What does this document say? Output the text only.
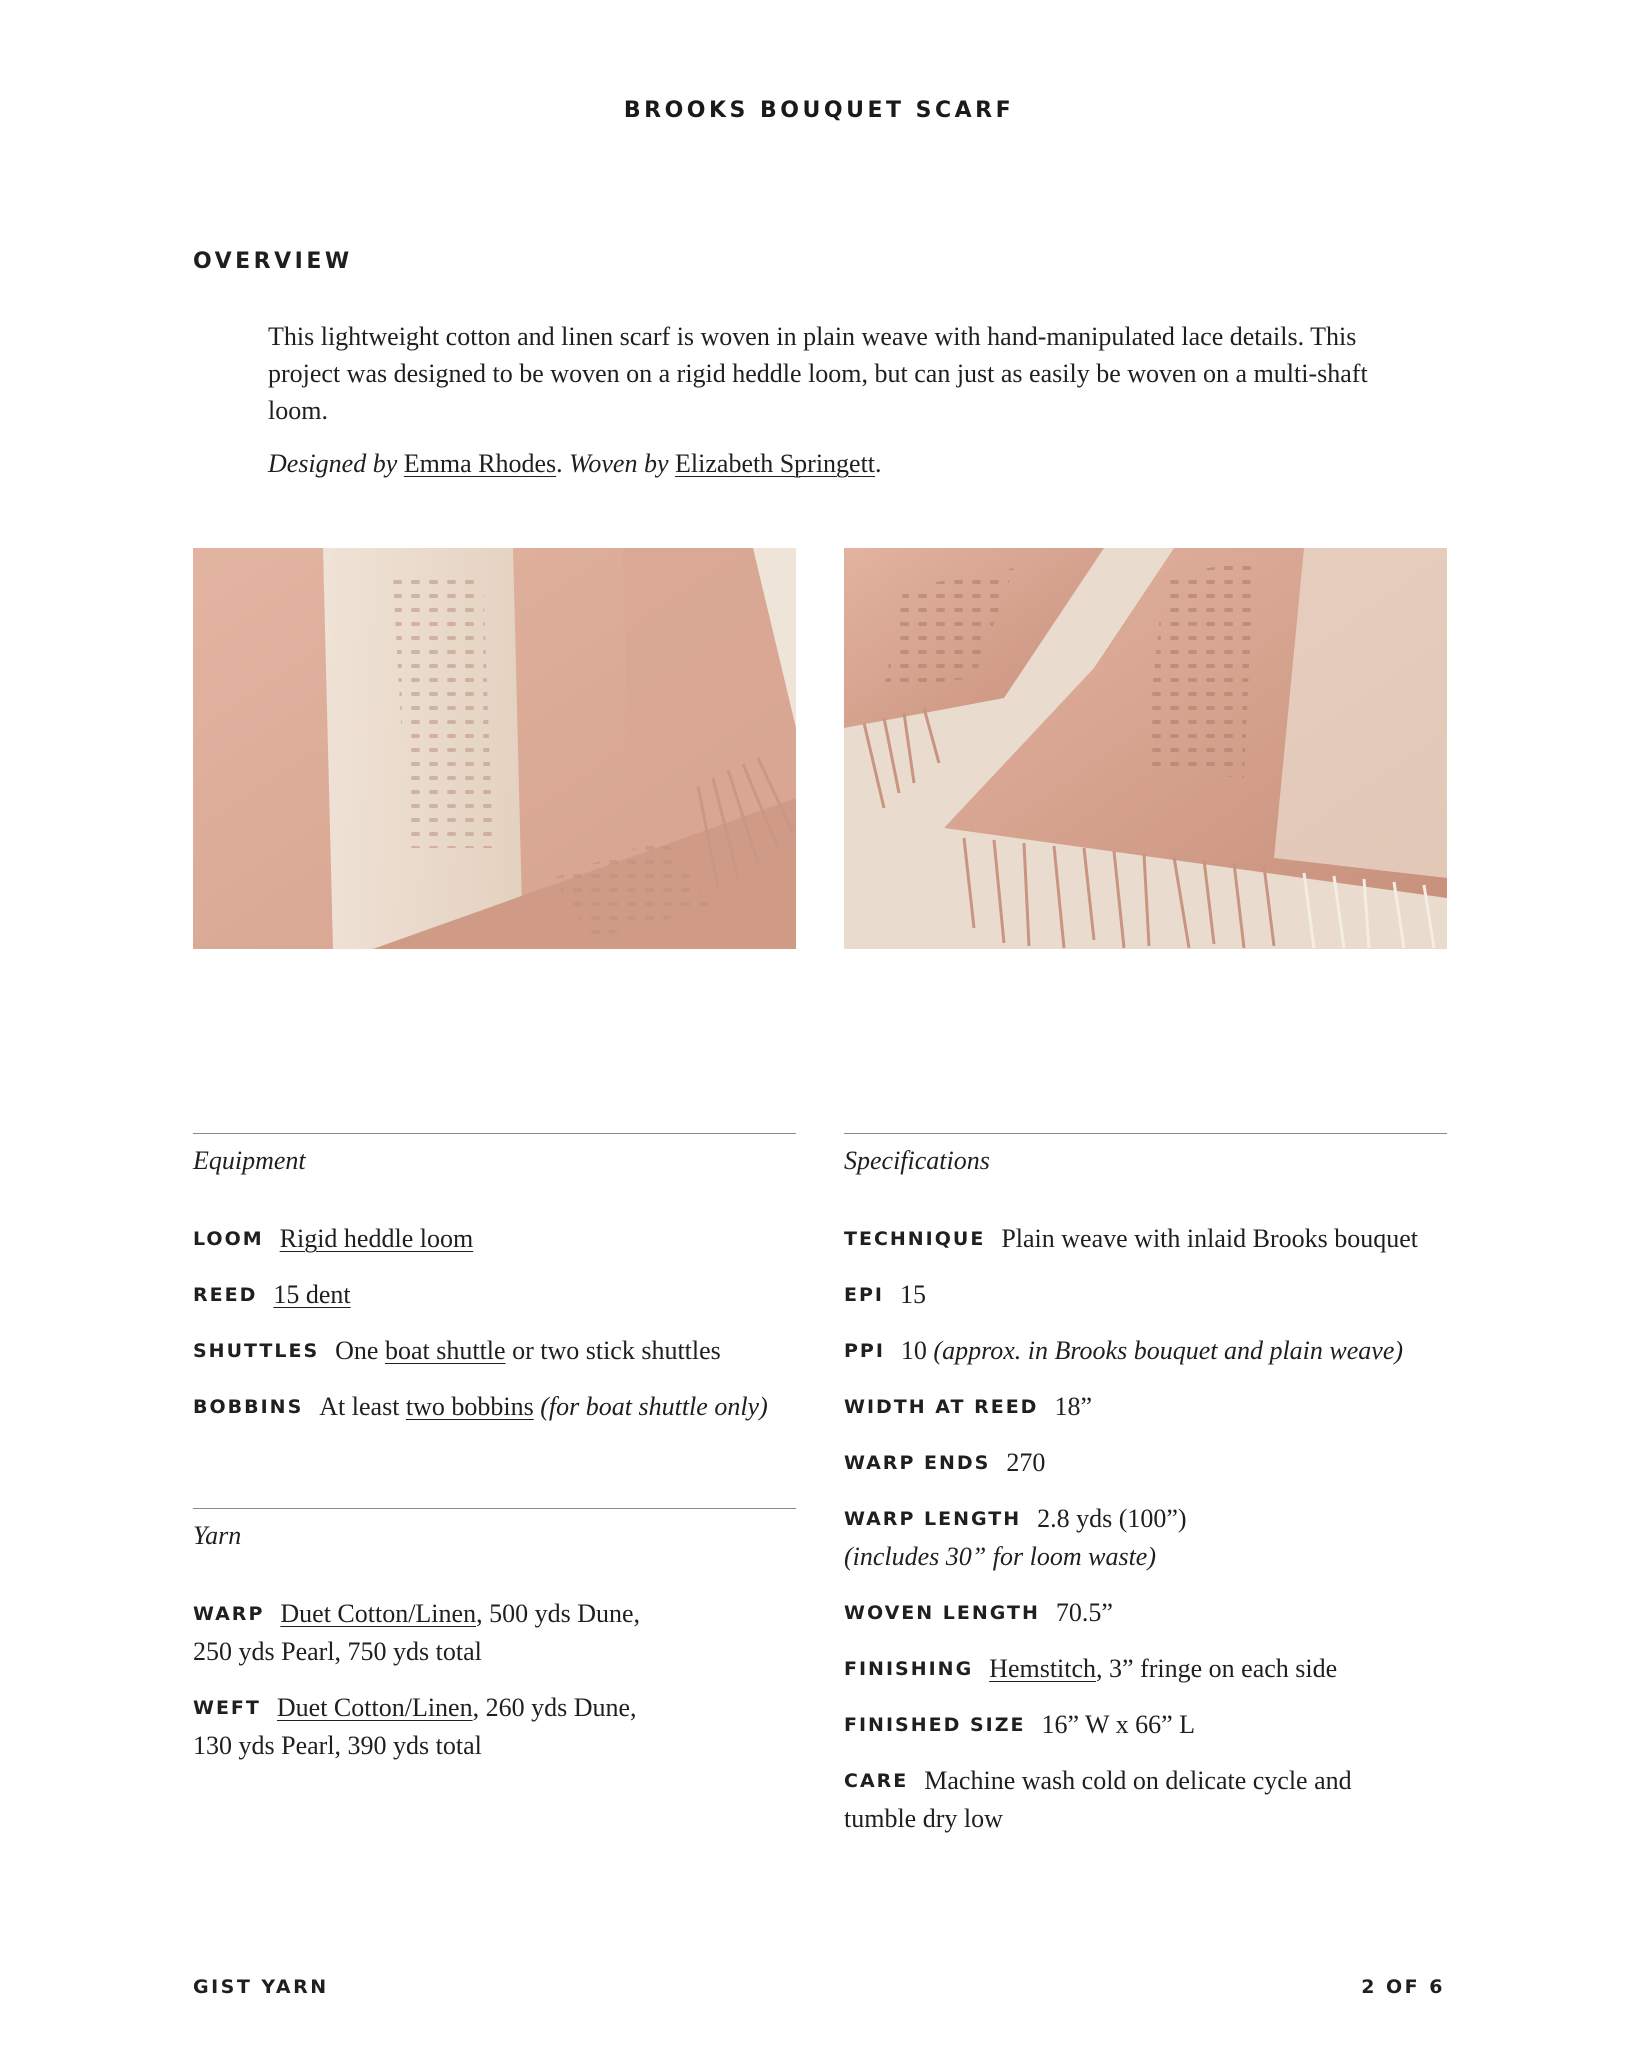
BROOKS BOUQUET SCARF
OVERVIEW
This lightweight cotton and linen scarf is woven in plain weave with hand-manipulated lace details. This project was designed to be woven on a rigid heddle loom, but can just as easily be woven on a multi-shaft loom.
Designed by Emma Rhodes. Woven by Elizabeth Springett.
Equipment
LOOM Rigid heddle loom
REED 15 dent
SHUTTLES One boat shuttle or two stick shuttles
BOBBINS At least two bobbins (for boat shuttle only)
Yarn
WARP Duet Cotton/Linen, 500 yds Dune,
250 yds Pearl, 750 yds total
WEFT Duet Cotton/Linen, 260 yds Dune,
130 yds Pearl, 390 yds total
Specifications
TECHNIQUE Plain weave with inlaid Brooks bouquet
EPI 15
PPI 10 (approx. in Brooks bouquet and plain weave)
WIDTH AT REED 18”
WARP ENDS 270
WARP LENGTH 2.8 yds (100”)
(includes 30” for loom waste)
WOVEN LENGTH 70.5”
FINISHING Hemstitch, 3” fringe on each side
FINISHED SIZE 16” W x 66” L
CARE Machine wash cold on delicate cycle and
tumble dry low
GIST YARN	2 OF 6
